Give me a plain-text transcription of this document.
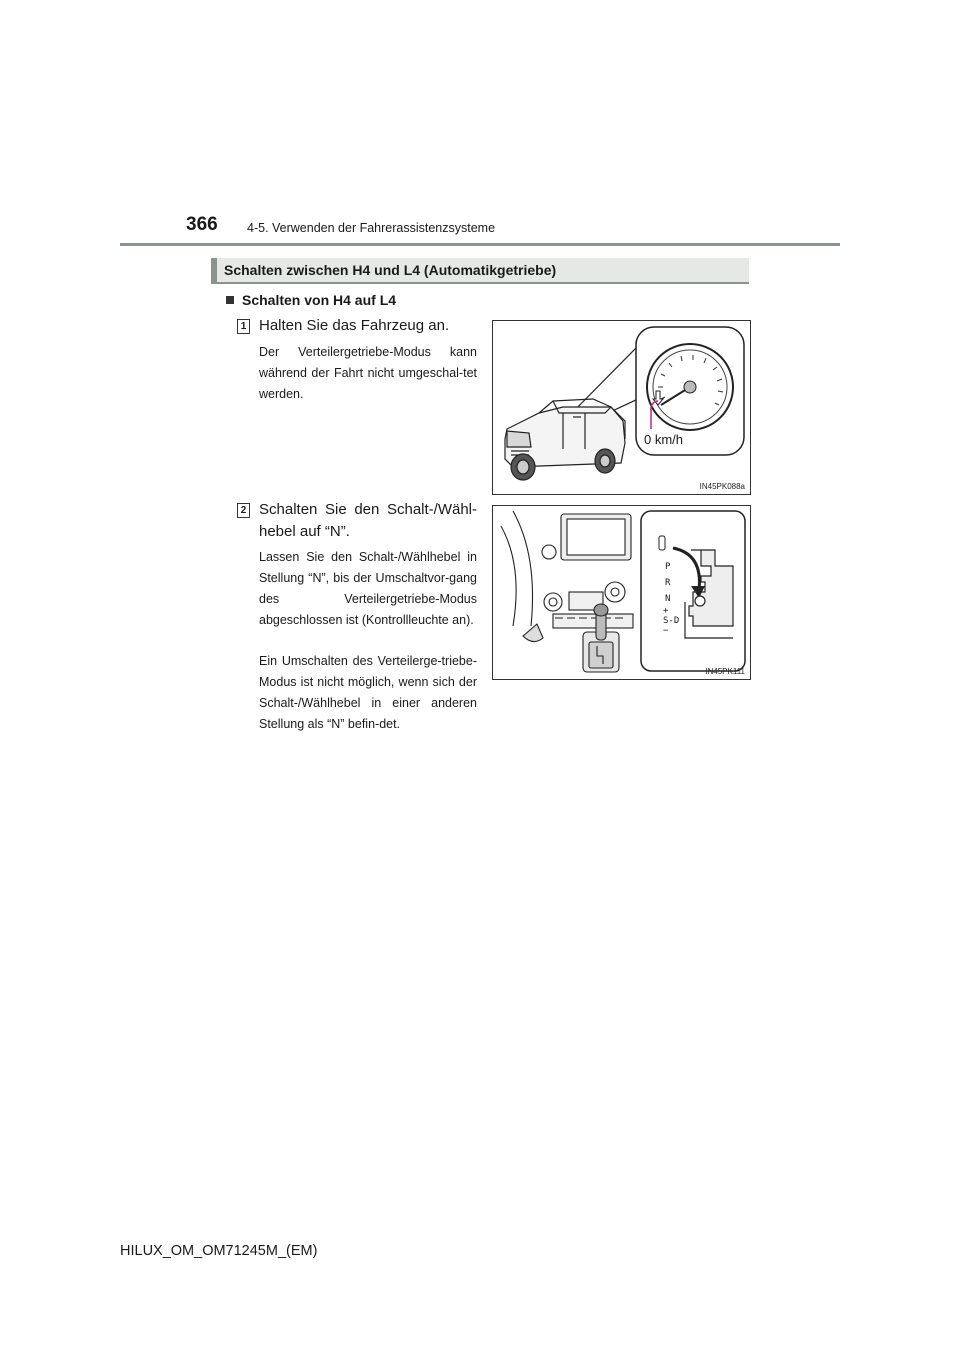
366 4-5. Verwenden der Fahrerassistenzsysteme
Schalten zwischen H4 und L4 (Automatikgetriebe)
Schalten von H4 auf L4
1 Halten Sie das Fahrzeug an.
Der Verteilergetriebe-Modus kann während der Fahrt nicht umgeschal-tet werden.
0 km/h
IN45PK088a
2 Schalten Sie den Schalt-/Wähl-hebel auf “N”.
Lassen Sie den Schalt-/Wählhebel in Stellung “N”, bis der Umschaltvor-gang des Verteilergetriebe-Modus abgeschlossen ist (Kontrollleuchte an).
Ein Umschalten des Verteilerge-triebe-Modus ist nicht möglich, wenn sich der Schalt-/Wählhebel in einer anderen Stellung als “N” befin-det.
P
R
N
+
S-D
−
IN45PK111
HILUX_OM_OM71245M_(EM)
